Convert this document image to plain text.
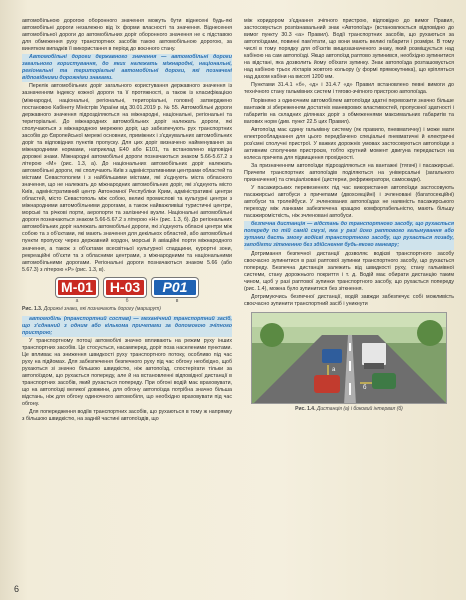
автомобільною дорогою оборонного значення можуть бути віднесені будь-які автомобільні дороги незалежно від їх форми власності та значення. Віднесення автомобільної дороги до автомобільних доріг оборонного значення не є підставою для обмеження руху транспортних засобів такою автомобільною дорогою, за винятком випадків її використання в період до воєнного стану.

Автомобільні дороги державного значення — автомобільні дороги загального користування, до яких належать міжнародні, національні, регіональні та територіальні автомобільні дороги, які позначені відповідними дорожніми знаками.

Перелік автомобільних доріг загального користування державного значення із зазначенням індексу кожної дороги та її протяжності, а також із класифікацією (міжнародні, національні, регіональні, територіальні, головні) затверджено постановою Кабінету Міністрів України від 30.01.2019 р. № 55. Автомобільні дороги державного значення підрозділяються на міжнародні, національні, регіональні та територіальні. До міжнародних автомобільних доріг належать дороги, які сполучаються з міжнародною мережею доріг, що забезпечують рух транспортних засобів до Європейської мережі основних, приміжних і з'єднувальних автомобільних доріг та відповідних пунктів пропуску. Для цих доріг визначено найменування за міжнародними нормами, наприклад E40 або E101, та встановлено відповідні дорожні знаки. Міжнародні автомобільні дороги позначаються знаком 5.66-5.67.2 з літерою «М» (рис. 1.3, а). До національних автомобільних доріг належать автомобільні дороги, які сполучають Київ з адміністративними центрами областей та містами Севастополем і з найбільшими містами, які з'єднують міста обласного значення, що не належать до міжнародних автомобільних доріг, які з'єднують місто Київ, адміністративний центр Автономної Республіки Крим, адміністративні центри областей, місто Севастополь між собою, великі промислові та культурні центри з міжнародними автомобільними дорогами, а також найважливіші туристичні центри, морські та річкові порти, аеропорти та залізничні вузли. Національні автомобільні дороги позначаються знаком 5.66-5.67.2 з літерою «Н» (рис. 1.3, б). До регіональних автомобільних доріг належать автомобільні дороги, які з'єднують обласні центри між собою та з об'єктами, які мають значення для декількох областей, або автомобільні пункти пропуску через державний кордон, морські й авіаційні порти міжнародного значення, а також з об'єктами всесвітньої культурної спадщини, курортні зони, рекреаційні об'єкти та з обласними центрами, з міжнародними та національними автомобільними дорогами. Регіональні дороги позначаються знаком 5.66 (або 5.67.3) з літерою «Р» (рис. 1.3, в).

M-01	H-03	P01
а	б	в
Рис. 1.3. Дорожні знаки, які позначають дорогу (маршрут)

автомобіль (транспортний состав) — механічний транспортний засіб, що з'єднаний з одним або кількома причепами за допомогою зчіпного пристрою;

У транспортному потоці автомобілі значно впливають на режим руху інших транспортних засобів. Це стосується, насамперед, доріг поза населеними пунктами. Це впливає на зниження швидкості руху транспортного потоку, особливо під час руху на підйомах. Для забезпечення безпечного руху під час обгону необхідно, щоб рухаються зі значно більшою швидкістю, ніж автопоїзд, спостерігати тільки за автопоїздом, що рухається попереду, але й на встановленні відповідної дистанції в транспортних засобів, який рухається попереду. При обгоні водій має враховувати, що на автопоїзді великої довжини, для обгону автопоїзда потрібна значно більша відстань, ніж для обгону одиночного автомобіля, що необхідно враховувати під час обгону.

Для попередження водіїв транспортних засобів, що рухаються в тому ж напрямку з більшою швидкістю, на задній частині автопоїздів, що

між коридором з'єднання зчіпного пристрою, відповідно до вимог Правил, застосовується розпізнавальний знак «Автопоїзд» (встановлюється відповідно до вимог пункту 30.3 «а» Правил). Водії транспортних засобів, що рухаються за автопоїздами, повинні пам'ятати, що вони мають великі габарити і розміри. В тому числі в тому порядку для об'єктів вищезазначеного знаку, який розміщується над кабіною на сам автопоїзді. Якщо автопоїзд раптово зупинився, необхідно зупинитися на відстані, яка дозволить йому обїхати зупинку. Знак автопоїзда розташовується над кабіною трьох ліхтарів жовтого кольору (у формі прямокутника), що кріпляться над дахом кабіни на висоті 1200 мм.

Пунктами 31.4.1 «б», «д» і 31.4.7 «д» Правил встановлено певні вимоги до технічного стану гальмівних систем і тягово-зчіпного пристрою автопоїзда.

Порівняно з одиночним автомобілем автопоїзди здатні перевозити значно більше вантажів зі збереженням достатніх маневрових властивостей, пропускної здатності і габаритів на складних ділянках доріг з обмеженнями максимальних габаритів та вагових норм (див. пункт 22.5 цих Правил).

Автопоїзд має єдину гальмівну систему (як правило, пневматичну) і може мати електрообладнання для цього передбачено спеціальні пневматичні й електричні роз'ємні сполучні пристрої. У важких дорожніх умовах застосовуються автопоїзди з активним сполучним пристроєм, тобто крутний момент двигуна передається на колеса причепа для підвищення прохідності.

За призначенням автопоїзди підрозділяються на вантажні (тягачі) і пасажирські. Причепи транспортних автопоїздів поділяються на універсальні (загального призначення) та спеціалізовані (цистерни, рефрижератори, самоскиди).

У пасажирських перевезеннях під час використання автопоїзди застосовують пасажирські автобуси з причепами (двохсекційні) і зчленовані (багатосекційні) автобуси та тролейбуси. У зчленованих автопоїздах не наявність пасажирського переходу між ланками забезпечена кращою комфортабельністю, мають більшу пасажиромісткість, ніж зчленовані автобуси.

безпечна дистанція — відстань до транспортного засобу, що рухається попереду по тій самій смузі, яка у разі його раптового гальмування або зупинки дасть змогу водієві транспортного засобу, що рухається позаду, запобігти зіткненню без здійснення будь-якого маневру;

Дотримання безпечної дистанції дозволяє водієві транспортного засобу своєчасно зупинитися в разі раптової зупинки транспортного засобу, що рухається попереду. Безпечна дистанція залежить від швидкості руху, стану гальмівної системи, стану дорожнього покриття і т. д. Водій має обирати дистанцію таким чином, щоб у разі раптової зупинки транспортного засобу, що рухається попереду (рис. 1.4), можна було зупинитися без зіткнення.

Дотримуючись безпечної дистанції, водій завжди забезпечує собі можливість своєчасно зупинити транспортний засіб і уникнути

а
б
Рис. 1.4. Дистанція (а) і боковий інтервал (б)
6
